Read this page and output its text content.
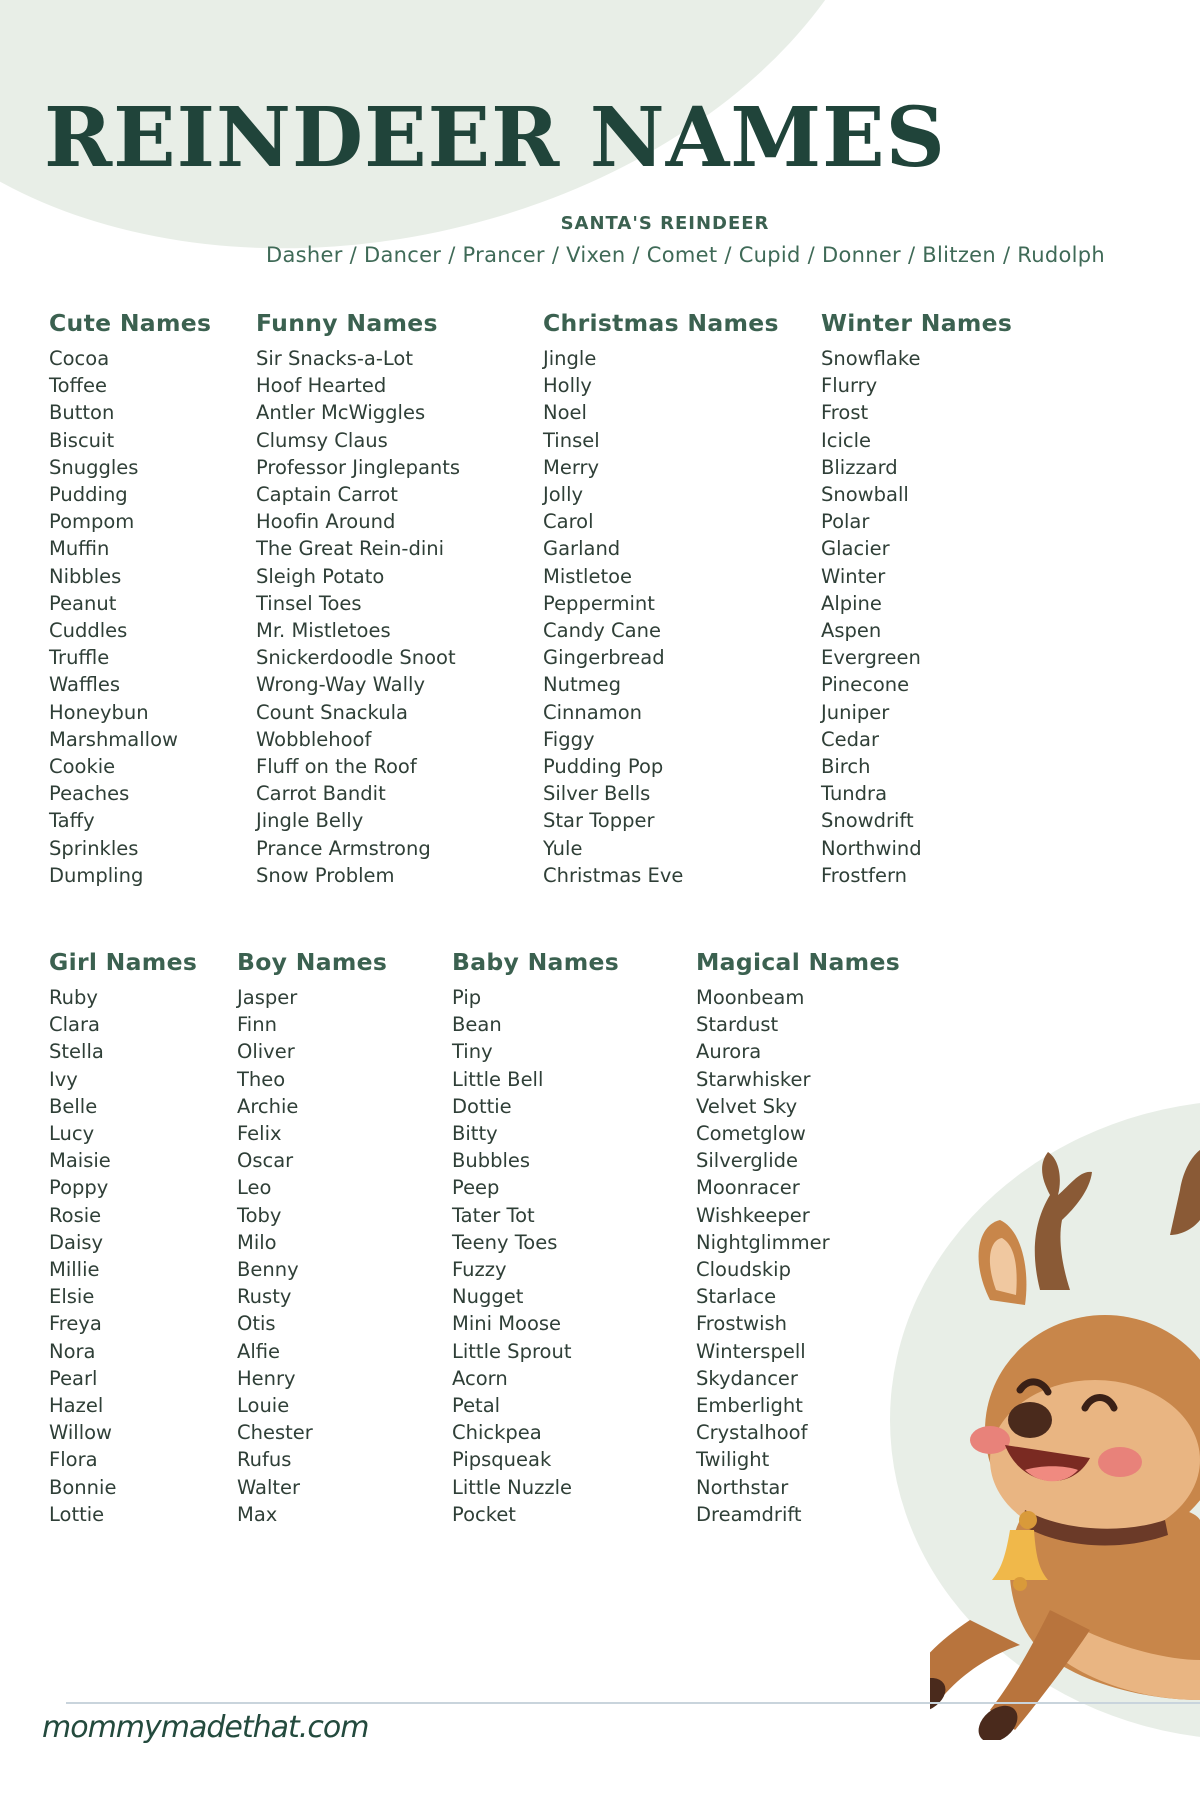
REINDEER NAMES

SANTA'S REINDEER

Dasher / Dancer / Prancer / Vixen / Comet / Cupid / Donner / Blitzen / Rudolph

Cute Names
Cocoa
Toffee
Button
Biscuit
Snuggles
Pudding
Pompom
Muffin
Nibbles
Peanut
Cuddles
Truffle
Waffles
Honeybun
Marshmallow
Cookie
Peaches
Taffy
Sprinkles
Dumpling
Funny Names
Sir Snacks-a-Lot
Hoof Hearted
Antler McWiggles
Clumsy Claus
Professor Jinglepants
Captain Carrot
Hoofin Around
The Great Rein-dini
Sleigh Potato
Tinsel Toes
Mr. Mistletoes
Snickerdoodle Snoot
Wrong-Way Wally
Count Snackula
Wobblehoof
Fluff on the Roof
Carrot Bandit
Jingle Belly
Prance Armstrong
Snow Problem
Christmas Names
Jingle
Holly
Noel
Tinsel
Merry
Jolly
Carol
Garland
Mistletoe
Peppermint
Candy Cane
Gingerbread
Nutmeg
Cinnamon
Figgy
Pudding Pop
Silver Bells
Star Topper
Yule
Christmas Eve
Winter Names
Snowflake
Flurry
Frost
Icicle
Blizzard
Snowball
Polar
Glacier
Winter
Alpine
Aspen
Evergreen
Pinecone
Juniper
Cedar
Birch
Tundra
Snowdrift
Northwind
Frostfern
Girl Names
Ruby
Clara
Stella
Ivy
Belle
Lucy
Maisie
Poppy
Rosie
Daisy
Millie
Elsie
Freya
Nora
Pearl
Hazel
Willow
Flora
Bonnie
Lottie
Boy Names
Jasper
Finn
Oliver
Theo
Archie
Felix
Oscar
Leo
Toby
Milo
Benny
Rusty
Otis
Alfie
Henry
Louie
Chester
Rufus
Walter
Max
Baby Names
Pip
Bean
Tiny
Little Bell
Dottie
Bitty
Bubbles
Peep
Tater Tot
Teeny Toes
Fuzzy
Nugget
Mini Moose
Little Sprout
Acorn
Petal
Chickpea
Pipsqueak
Little Nuzzle
Pocket
Magical Names
Moonbeam
Stardust
Aurora
Starwhisker
Velvet Sky
Cometglow
Silverglide
Moonracer
Wishkeeper
Nightglimmer
Cloudskip
Starlace
Frostwish
Winterspell
Skydancer
Emberlight
Crystalhoof
Twilight
Northstar
Dreamdrift

mommymadethat.com
